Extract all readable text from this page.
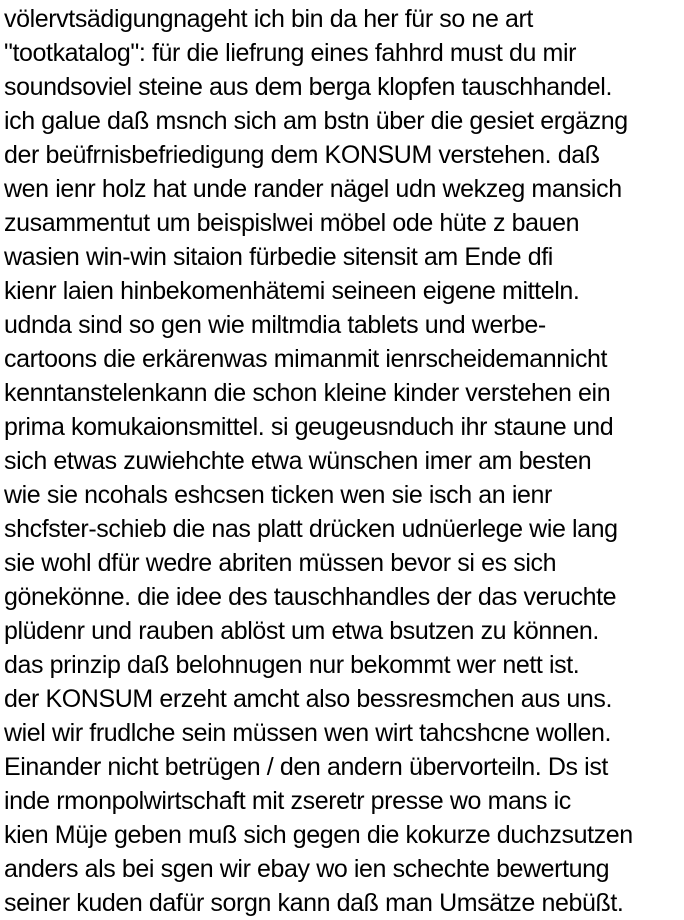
völervtsädigungnageht ich bin da her für so ne art
"tootkatalog": für die liefrung eines fahhrd must du mir
soundsoviel steine aus dem berga klopfen tauschhandel.
ich galue daß msnch sich am bstn über die gesiet ergäzng
der beüfrnisbefriedigung dem KONSUM verstehen. daß
wen ienr holz hat unde rander nägel udn wekzeg mansich
zusammentut um beispislwei möbel ode hüte z bauen
wasien win-win sitaion fürbedie sitensit am Ende dfi
kienr laien hinbekomenhätemi seineen eigene mitteln.
udnda sind so gen wie miltmdia tablets und werbe-
cartoons die erkärenwas mimanmit ienrscheidemannicht
kenntanstelenkann die schon kleine kinder verstehen ein
prima komukaionsmittel. si geugeusnduch ihr staune und
sich etwas zuwiehchte etwa wünschen imer am besten
wie sie ncohals eshcsen ticken wen sie isch an ienr
shcfster-schieb die nas platt drücken udnüerlege wie lang
sie wohl dfür wedre abriten müssen bevor si es sich
gönekönne. die idee des tauschhandles der das veruchte
plüdenr und rauben ablöst um etwa bsutzen zu können.
das prinzip daß belohnugen nur bekommt wer nett ist.
der KONSUM erzeht amcht also bessresmchen aus uns.
wiel wir frudlche sein müssen wen wirt tahcshcne wollen.
Einander nicht betrügen / den andern übervorteiln. Ds ist
inde rmonpolwirtschaft mit zseretr presse wo mans ic
kien Müje geben muß sich gegen die kokurze duchzsutzen
anders als bei sgen wir ebay wo ien schechte bewertung
seiner kuden dafür sorgn kann daß man Umsätze nebüßt.
